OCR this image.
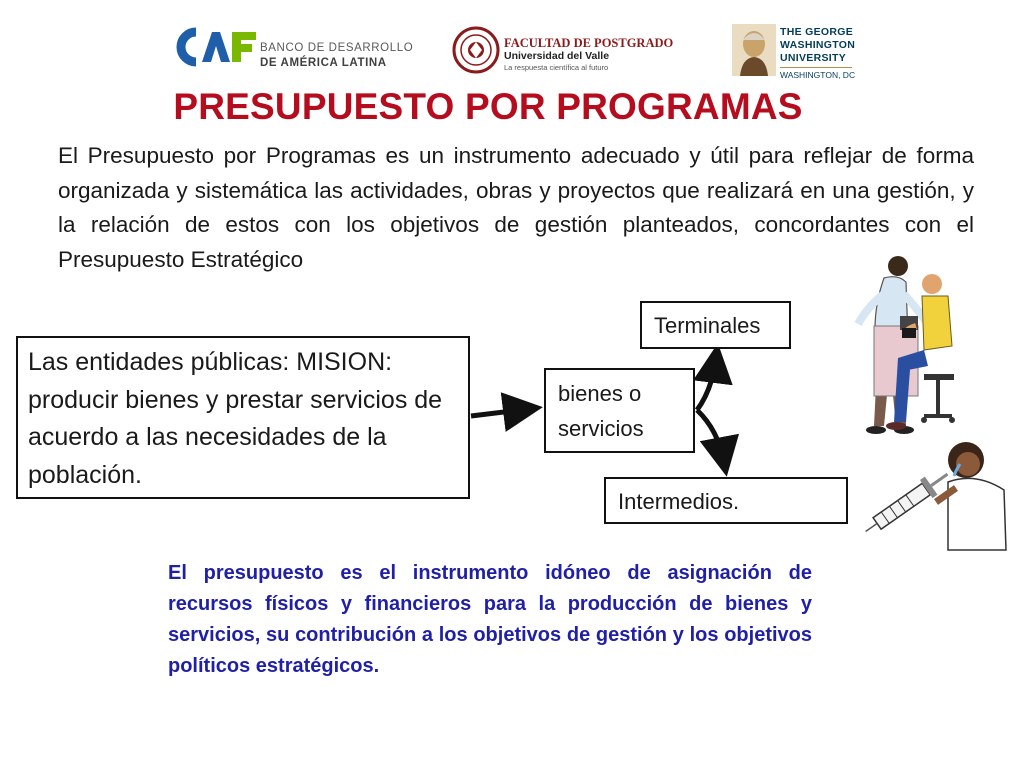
BANCO DE DESARROLLO
DE AMÉRICA LATINA
FACULTAD DE POSTGRADO
Universidad del Valle
La respuesta científica al futuro
THE GEORGE
WASHINGTON
UNIVERSITY
WASHINGTON, DC
PRESUPUESTO POR PROGRAMAS
El Presupuesto por Programas es un instrumento adecuado y útil para reflejar de forma organizada y sistemática las actividades, obras y proyectos que realizará en una gestión, y la relación de estos con los objetivos de gestión planteados, concordantes con el Presupuesto Estratégico
Las entidades públicas: MISION: producir bienes y prestar servicios de acuerdo a las necesidades de la población.
bienes o servicios
Terminales
Intermedios.
El presupuesto es el instrumento idóneo de asignación de recursos físicos y financieros para la producción de bienes y servicios, su contribución a los objetivos de gestión y los objetivos políticos estratégicos.
